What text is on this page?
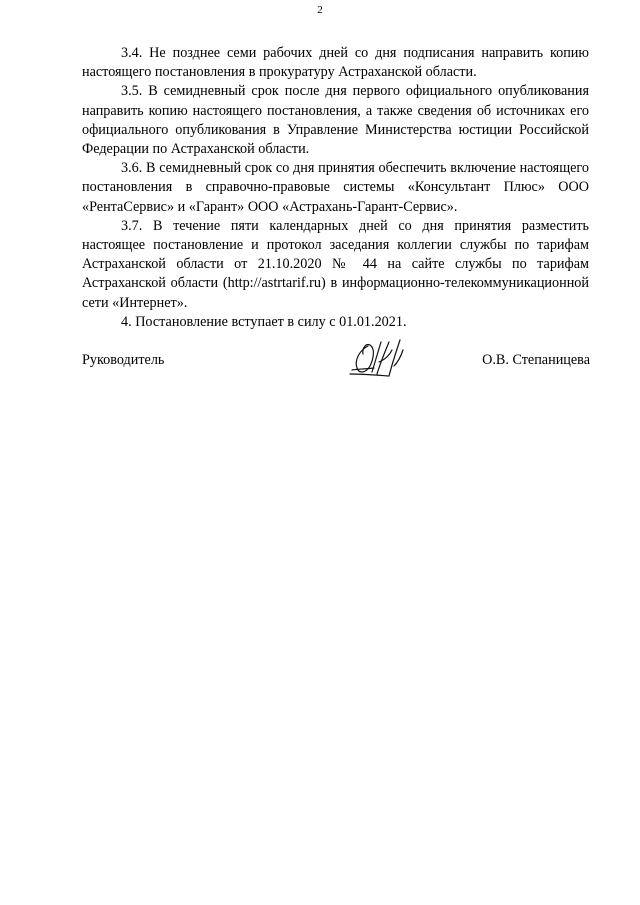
2

3.4. Не позднее семи рабочих дней со дня подписания направить копию настоящего постановления в прокуратуру Астраханской области.

3.5. В семидневный срок после дня первого официального опубликования направить копию настоящего постановления, а также сведения об источниках его официального опубликования в Управление Министерства юстиции Российской Федерации по Астраханской области.

3.6. В семидневный срок со дня принятия обеспечить включение настоящего постановления в справочно-правовые системы «Консультант Плюс» ООО «РентаСервис» и «Гарант» ООО «Астрахань-Гарант-Сервис».

3.7. В течение пяти календарных дней со дня принятия разместить настоящее постановление и протокол заседания коллегии службы по тарифам Астраханской области от 21.10.2020 № 44 на сайте службы по тарифам Астраханской области (http://astrtarif.ru) в информационно-телекоммуникационной сети «Интернет».

4. Постановление вступает в силу с 01.01.2021.

Руководитель	О.В. Степаницева
